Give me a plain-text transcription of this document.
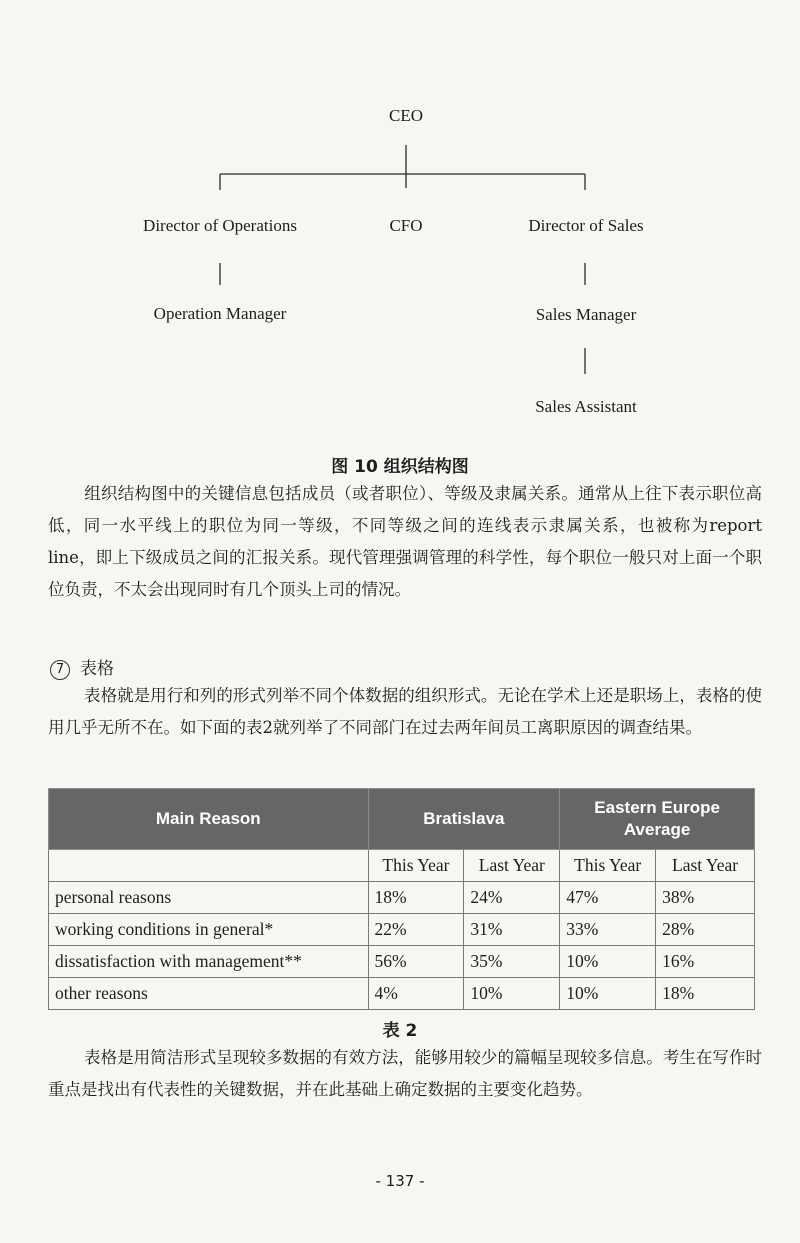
CEO
Director of Operations	CFO	Director of Sales
Operation Manager	Sales Manager
Sales Assistant
图 10 组织结构图

组织结构图中的关键信息包括成员（或者职位）、等级及隶属关系。通常从上往下表示职位高低，同一水平线上的职位为同一等级，不同等级之间的连线表示隶属关系，也被称为report line，即上下级成员之间的汇报关系。现代管理强调管理的科学性，每个职位一般只对上面一个职位负责，不太会出现同时有几个顶头上司的情况。

7 表格

表格就是用行和列的形式列举不同个体数据的组织形式。无论在学术上还是职场上，表格的使用几乎无所不在。如下面的表2就列举了不同部门在过去两年间员工离职原因的调查结果。

Main Reason	Bratislava		Eastern Europe Average	
	This Year	Last Year	This Year	Last Year
personal reasons	18%	24%	47%	38%
working conditions in general*	22%	31%	33%	28%
dissatisfaction with management**	56%	35%	10%	16%
other reasons	4%	10%	10%	18%
表 2

表格是用简洁形式呈现较多数据的有效方法，能够用较少的篇幅呈现较多信息。考生在写作时重点是找出有代表性的关键数据，并在此基础上确定数据的主要变化趋势。

- 137 -
